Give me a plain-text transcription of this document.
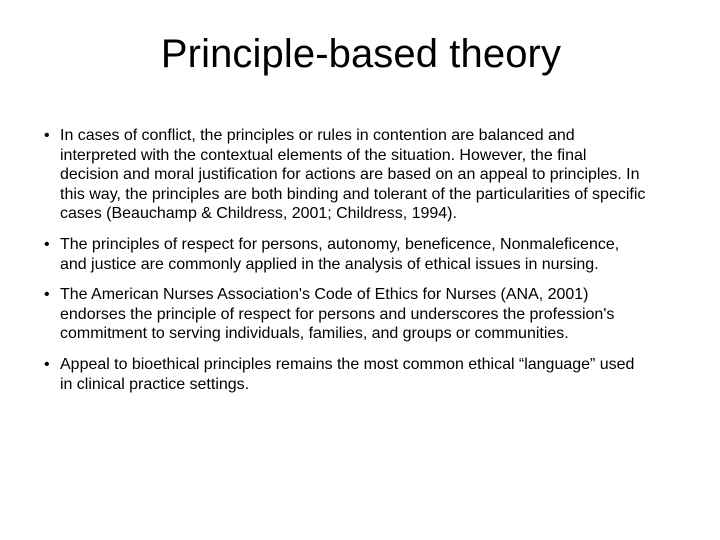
Principle-based theory
• In cases of conflict, the principles or rules in contention are balanced and interpreted with the contextual elements of the situation. However, the final decision and moral justification for actions are based on an appeal to principles. In this way, the principles are both binding and tolerant of the particularities of specific cases (Beauchamp & Childress, 2001; Childress, 1994).
• The principles of respect for persons, autonomy, beneficence, Nonmaleficence, and justice are commonly applied in the analysis of ethical issues in nursing.
• The American Nurses Association's Code of Ethics for Nurses (ANA, 2001) endorses the principle of respect for persons and underscores the profession's commitment to serving individuals, families, and groups or communities.
• Appeal to bioethical principles remains the most common ethical “language” used in clinical practice settings.
